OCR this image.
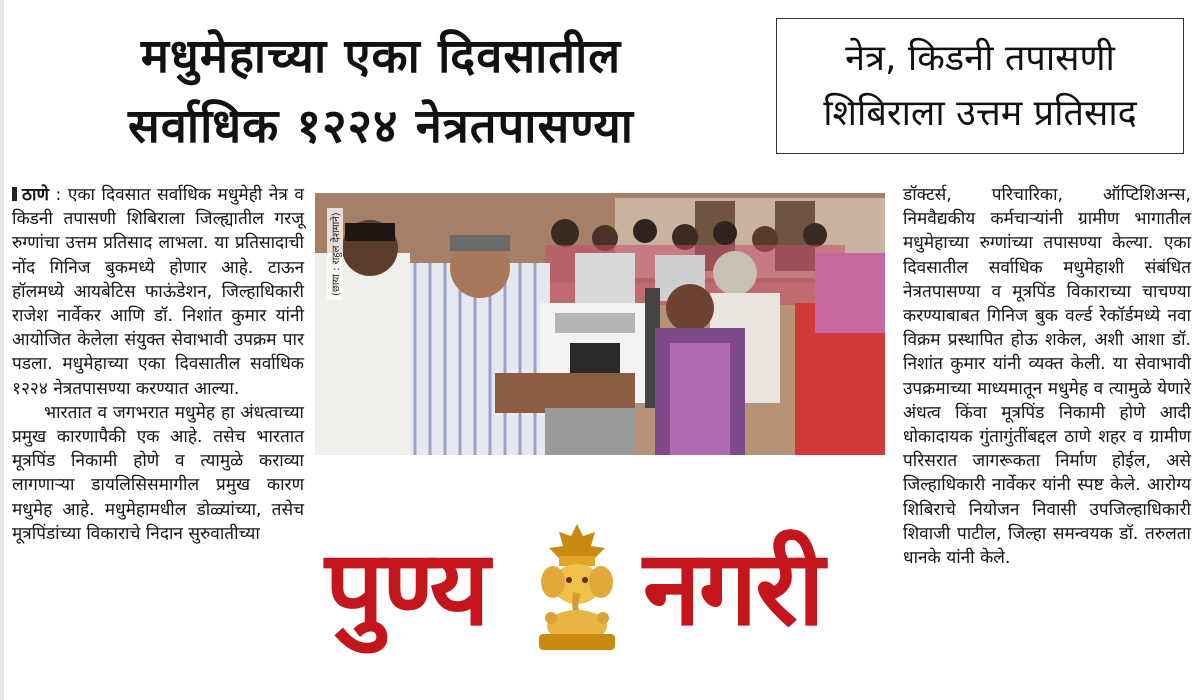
मधुमेहाच्या एका दिवसातील
सर्वाधिक १२२४ नेत्रतपासण्या
नेत्र, किडनी तपासणी
शिबिराला उत्तम प्रतिसाद

ठाणे : एका दिवसात सर्वाधिक मधुमेही नेत्र व किडनी तपासणी शिबिराला जिल्ह्यातील गरजू रुग्णांचा उत्तम प्रतिसाद लाभला. या प्रतिसादाची नोंद गिनिज बुकमध्ये होणार आहे. टाऊन हॉलमध्ये आयबेटिस फाऊंडेशन, जिल्हाधिकारी राजेश नार्वेकर आणि डॉ. निशांत कुमार यांनी आयोजित केलेला संयुक्त सेवाभावी उपक्रम पार पडला. मधुमेहाच्या एका दिवसातील सर्वाधिक १२२४ नेत्रतपासण्या करण्यात आल्या.

भारतात व जगभरात मधुमेह हा अंधत्वाच्या प्रमुख कारणापैकी एक आहे. तसेच भारतात मूत्रपिंड निकामी होणे व त्यामुळे कराव्या लागणाऱ्या डायलिसिसमागील प्रमुख कारण मधुमेह आहे. मधुमेहामधील डोळ्यांच्या, तसेच मूत्रपिंडांच्या विकाराचे निदान सुरुवातीच्या

डॉक्टर्स, परिचारिका, ऑप्टिशिअन्स, निमवैद्यकीय कर्मचाऱ्यांनी ग्रामीण भागातील मधुमेहाच्या रुग्णांच्या तपासण्या केल्या. एका दिवसातील सर्वाधिक मधुमेहाशी संबंधित नेत्रतपासण्या व मूत्रपिंड विकाराच्या चाचण्या करण्याबाबत गिनिज बुक वर्ल्ड रेकॉर्डमध्ये नवा विक्रम प्रस्थापित होऊ शकेल, अशी आशा डॉ. निशांत कुमार यांनी व्यक्त केली. या सेवाभावी उपक्रमाच्या माध्यमातून मधुमेह व त्यामुळे येणारे अंधत्व किंवा मूत्रपिंड निकामी होणे आदी धोकादायक गुंतागुंतींबद्दल ठाणे शहर व ग्रामीण परिसरात जागरूकता निर्माण होईल, असे जिल्हाधिकारी नार्वेकर यांनी स्पष्ट केले. आरोग्य शिबिराचे नियोजन निवासी उपजिल्हाधिकारी शिवाजी पाटील, जिल्हा समन्वयक डॉ. तरुलता धानके यांनी केले.

(छाया : राहुल देशमाने)
पुण्य नगरी
